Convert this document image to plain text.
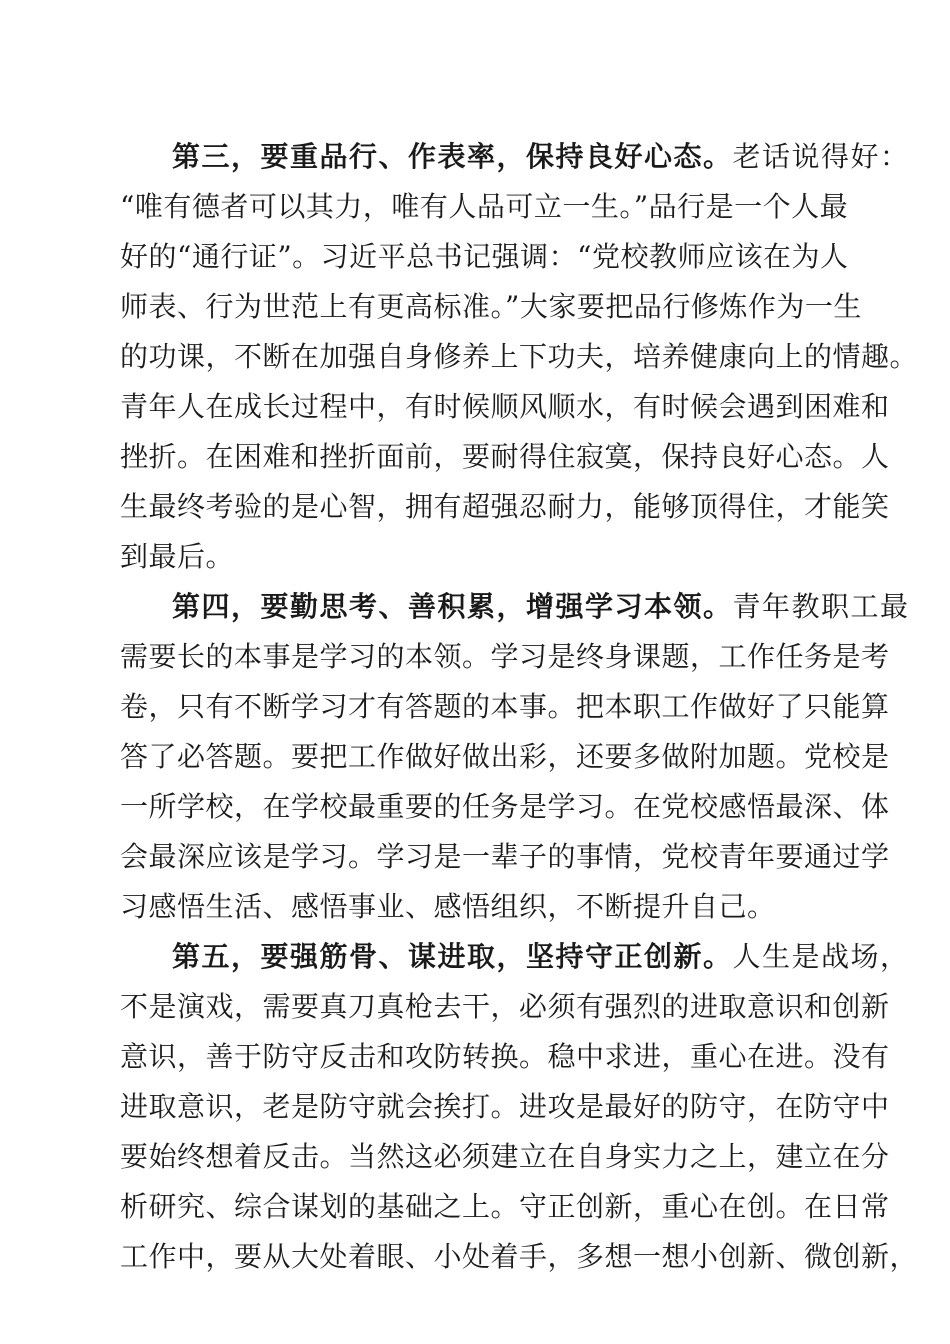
第三，要重品行、作表率，保持良好心态。老话说得好：
“唯有德者可以其力，唯有人品可立一生。”品行是一个人最
好的“通行证”。习近平总书记强调：“党校教师应该在为人
师表、行为世范上有更高标准。”大家要把品行修炼作为一生
的功课，不断在加强自身修养上下功夫，培养健康向上的情趣。
青年人在成长过程中，有时候顺风顺水，有时候会遇到困难和
挫折。在困难和挫折面前，要耐得住寂寞，保持良好心态。人
生最终考验的是心智，拥有超强忍耐力，能够顶得住，才能笑
到最后。
第四，要勤思考、善积累，增强学习本领。青年教职工最
需要长的本事是学习的本领。学习是终身课题，工作任务是考
卷，只有不断学习才有答题的本事。把本职工作做好了只能算
答了必答题。要把工作做好做出彩，还要多做附加题。党校是
一所学校，在学校最重要的任务是学习。在党校感悟最深、体
会最深应该是学习。学习是一辈子的事情，党校青年要通过学
习感悟生活、感悟事业、感悟组织，不断提升自己。
第五，要强筋骨、谋进取，坚持守正创新。人生是战场，
不是演戏，需要真刀真枪去干，必须有强烈的进取意识和创新
意识，善于防守反击和攻防转换。稳中求进，重心在进。没有
进取意识，老是防守就会挨打。进攻是最好的防守，在防守中
要始终想着反击。当然这必须建立在自身实力之上，建立在分
析研究、综合谋划的基础之上。守正创新，重心在创。在日常
工作中，要从大处着眼、小处着手，多想一想小创新、微创新，
